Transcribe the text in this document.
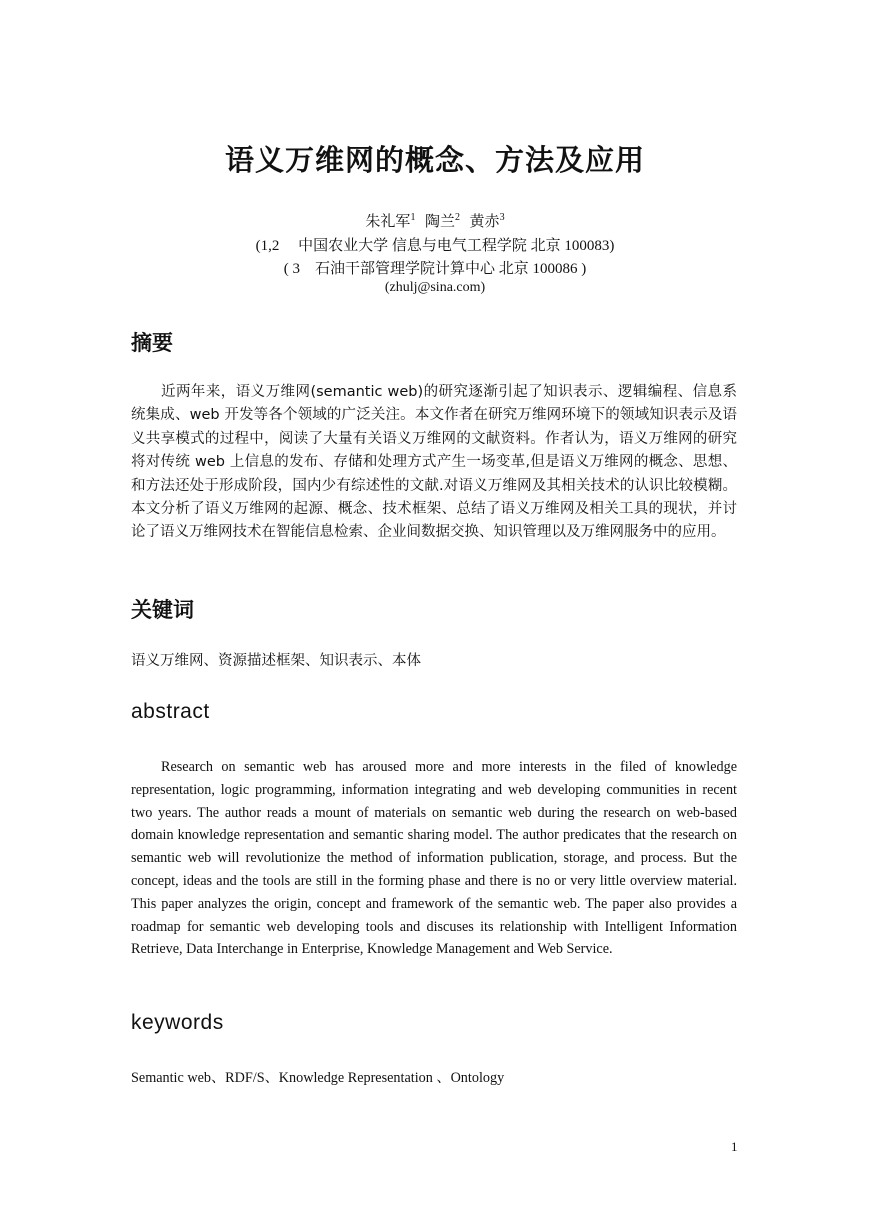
语义万维网的概念、方法及应用
朱礼军$^1$ 陶兰$^2$ 黄赤$^3$
(1,2　 中国农业大学 信息与电气工程学院 北京 100083)
( 3　石油干部管理学院计算中心 北京 100086 )
(zhulj@sina.com)
摘要

近两年来，语义万维网(semantic web)的研究逐渐引起了知识表示、逻辑编程、信息系统集成、web 开发等各个领域的广泛关注。本文作者在研究万维网环境下的领域知识表示及语义共享模式的过程中，阅读了大量有关语义万维网的文献资料。作者认为，语义万维网的研究将对传统 web 上信息的发布、存储和处理方式产生一场变革,但是语义万维网的概念、思想、和方法还处于形成阶段，国内少有综述性的文献.对语义万维网及其相关技术的认识比较模糊。本文分析了语义万维网的起源、概念、技术框架、总结了语义万维网及相关工具的现状，并讨论了语义万维网技术在智能信息检索、企业间数据交换、知识管理以及万维网服务中的应用。

关键词
语义万维网、资源描述框架、知识表示、本体
abstract

Research on semantic web has aroused more and more interests in the filed of knowledge representation, logic programming, information integrating and web developing communities in recent two years. The author reads a mount of materials on semantic web during the research on web-based domain knowledge representation and semantic sharing model. The author predicates that the research on semantic web will revolutionize the method of information publication, storage, and process. But the concept, ideas and the tools are still in the forming phase and there is no or very little overview material. This paper analyzes the origin, concept and framework of the semantic web. The paper also provides a roadmap for semantic web developing tools and discuses its relationship with Intelligent Information Retrieve, Data Interchange in Enterprise, Knowledge Management and Web Service.

keywords
Semantic web、RDF/S、Knowledge Representation 、Ontology
1
